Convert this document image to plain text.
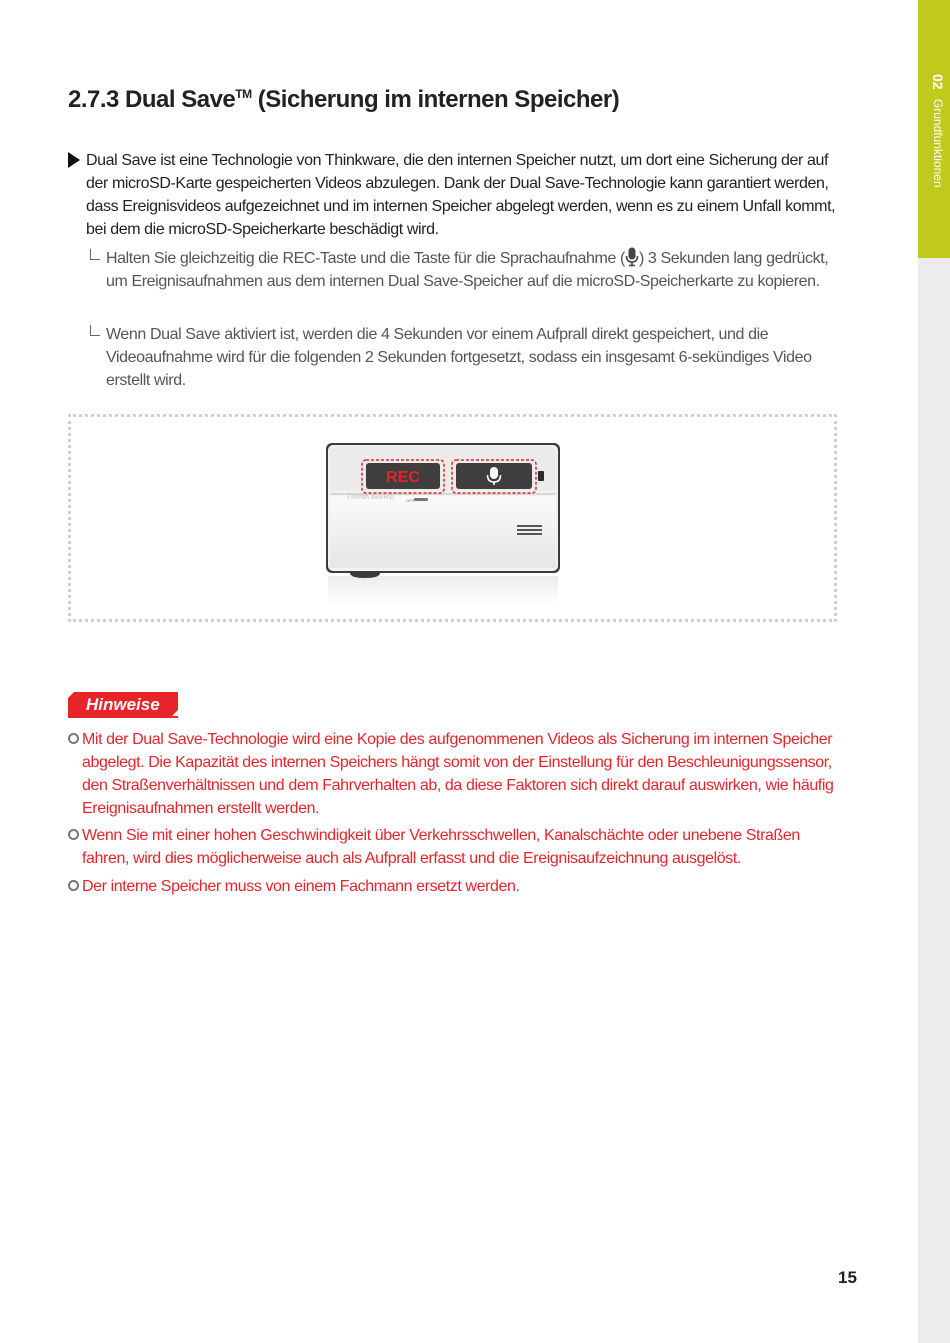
02 Grundfunktionen
2.7.3 Dual Save™ (Sicherung im internen Speicher)

Dual Save ist eine Technologie von Thinkware, die den internen Speicher nutzt, um dort eine Sicherung der auf der microSD-Karte gespeicherten Videos abzulegen. Dank der Dual Save-Technologie kann garantiert werden, dass Ereignisvideos aufgezeichnet und im internen Speicher abgelegt werden, wenn es zu einem Unfall kommt, bei dem die microSD-Speicherkarte beschädigt wird.

Halten Sie gleichzeitig die REC-Taste und die Taste für die Sprachaufnahme ( ) 3 Sekunden lang gedrückt, um Ereignisaufnahmen aus dem internen Dual Save-Speicher auf die microSD-Speicherkarte zu kopieren.

Wenn Dual Save aktiviert ist, werden die 4 Sekunden vor einem Aufprall direkt gespeichert, und die Videoaufnahme wird für die folgenden 2 Sekunden fortgesetzt, sodass ein insgesamt 6-sekündiges Video erstellt wird.

THINKWARE	GPS
REC
Hinweise

Mit der Dual Save-Technologie wird eine Kopie des aufgenommenen Videos als Sicherung im internen Speicher abgelegt. Die Kapazität des internen Speichers hängt somit von der Einstellung für den Beschleunigungssensor, den Straßenverhältnissen und dem Fahrverhalten ab, da diese Faktoren sich direkt darauf auswirken, wie häufig Ereignisaufnahmen erstellt werden.

Wenn Sie mit einer hohen Geschwindigkeit über Verkehrsschwellen, Kanalschächte oder unebene Straßen fahren, wird dies möglicherweise auch als Aufprall erfasst und die Ereignisaufzeichnung ausgelöst.

Der interne Speicher muss von einem Fachmann ersetzt werden.

15
